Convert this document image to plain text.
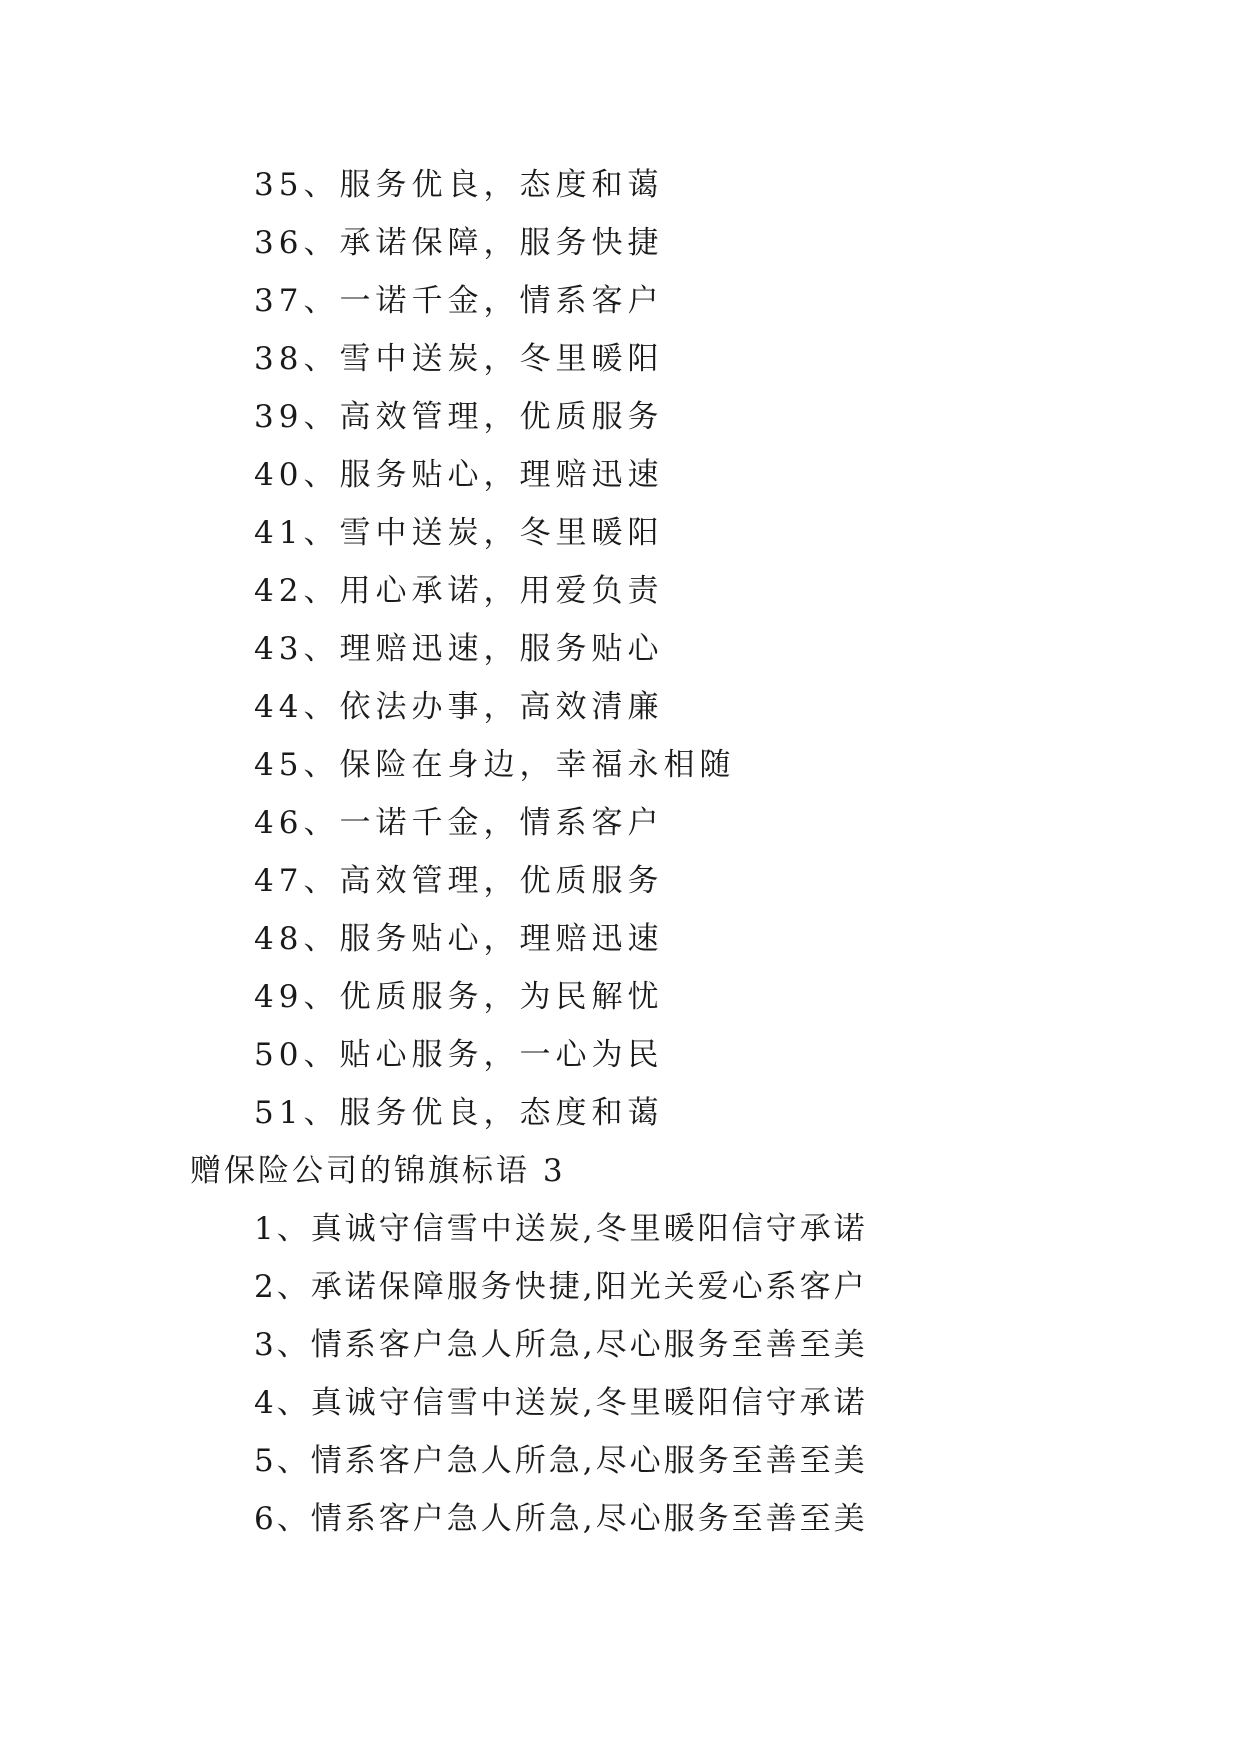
35、服务优良，态度和蔼
36、承诺保障，服务快捷
37、一诺千金，情系客户
38、雪中送炭，冬里暖阳
39、高效管理，优质服务
40、服务贴心，理赔迅速
41、雪中送炭，冬里暖阳
42、用心承诺，用爱负责
43、理赔迅速，服务贴心
44、依法办事，高效清廉
45、保险在身边，幸福永相随
46、一诺千金，情系客户
47、高效管理，优质服务
48、服务贴心，理赔迅速
49、优质服务，为民解忧
50、贴心服务，一心为民
51、服务优良，态度和蔼
赠保险公司的锦旗标语 3
1、真诚守信雪中送炭,冬里暖阳信守承诺
2、承诺保障服务快捷,阳光关爱心系客户
3、情系客户急人所急,尽心服务至善至美
4、真诚守信雪中送炭,冬里暖阳信守承诺
5、情系客户急人所急,尽心服务至善至美
6、情系客户急人所急,尽心服务至善至美
